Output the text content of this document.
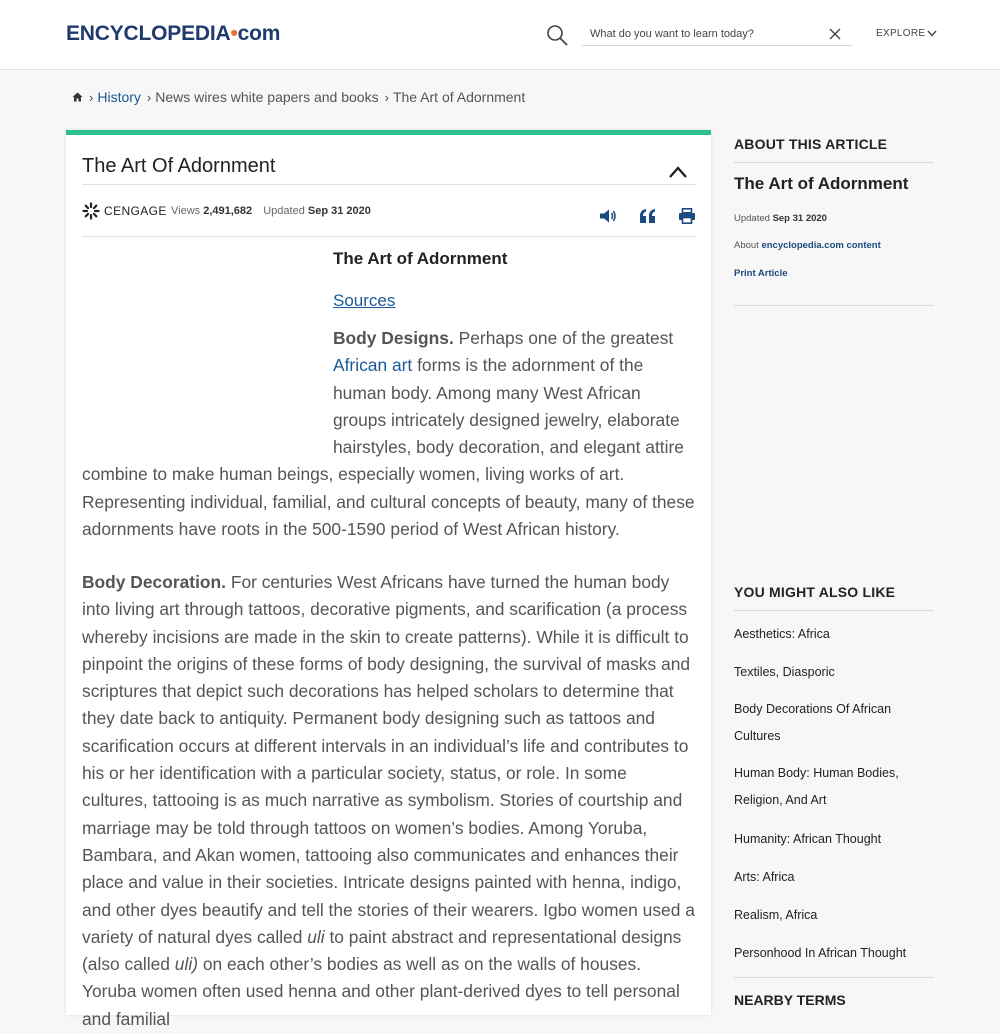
ENCYCLOPEDIA•com
What do you want to learn today?	EXPLORE
› History › News wires white papers and books › The Art of Adornment
The Art Of Adornment
CENGAGE Views 2,491,682 Updated Sep 31 2020
The Art of Adornment
Sources

Body Designs. Perhaps one of the greatest African art forms is the adornment of the human body. Among many West African groups intricately designed jewelry, elaborate hairstyles, body decoration, and elegant attire combine to make human beings, especially women, living works of art. Representing individual, familial, and cultural concepts of beauty, many of these adornments have roots in the 500-1590 period of West African history.

Body Decoration. For centuries West Africans have turned the human body into living art through tattoos, decorative pigments, and scarification (a process whereby incisions are made in the skin to create patterns). While it is difficult to pinpoint the origins of these forms of body designing, the survival of masks and scriptures that depict such decorations has helped scholars to determine that they date back to antiquity. Permanent body designing such as tattoos and scarification occurs at different intervals in an individual’s life and contributes to his or her identification with a particular society, status, or role. In some cultures, tattooing is as much narrative as symbolism. Stories of courtship and marriage may be told through tattoos on women’s bodies. Among Yoruba, Bambara, and Akan women, tattooing also communicates and enhances their place and value in their societies. Intricate designs painted with henna, indigo, and other dyes beautify and tell the stories of their wearers. Igbo women used a variety of natural dyes called uli to paint abstract and representational designs (also called uli) on each other’s bodies as well as on the walls of houses. Yoruba women often used henna and other plant-derived dyes to tell personal and familial

ABOUT THIS ARTICLE
The Art of Adornment
Updated Sep 31 2020
About encyclopedia.com content
Print Article
YOU MIGHT ALSO LIKE
Aesthetics: Africa
Textiles, Diasporic
Body Decorations Of African Cultures
Human Body: Human Bodies, Religion, And Art
Humanity: African Thought
Arts: Africa
Realism, Africa
Personhood In African Thought
NEARBY TERMS
